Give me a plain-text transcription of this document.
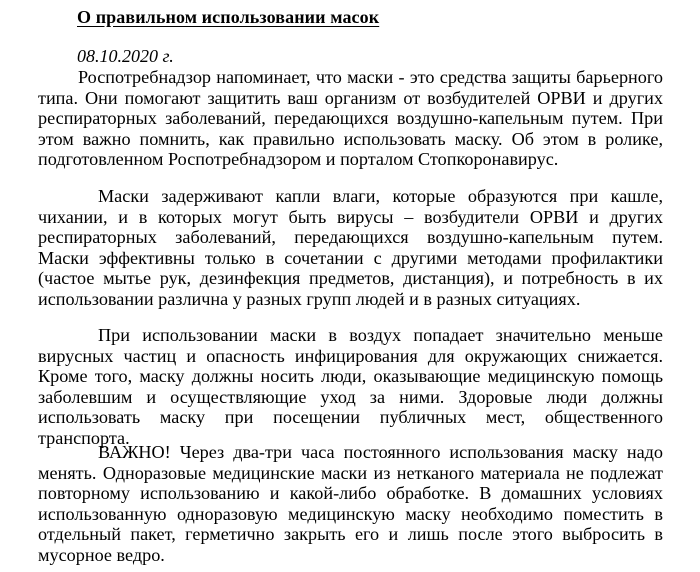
О правильном использовании масок
08.10.2020 г.
Роспотребнадзор напоминает, что маски - это средства защиты барьерного типа. Они помогают защитить ваш организм от возбудителей ОРВИ и других респираторных заболеваний, передающихся воздушно-капельным путем. При этом важно помнить, как правильно использовать маску. Об этом в ролике, подготовленном Роспотребнадзором и порталом Стопкоронавирус.
Маски задерживают капли влаги, которые образуются при кашле, чихании, и в которых могут быть вирусы – возбудители ОРВИ и других респираторных заболеваний, передающихся воздушно-капельным путем. Маски эффективны только в сочетании с другими методами профилактики (частое мытье рук, дезинфекция предметов, дистанция), и потребность в их использовании различна у разных групп людей и в разных ситуациях.
При использовании маски в воздух попадает значительно меньше вирусных частиц и опасность инфицирования для окружающих снижается. Кроме того, маску должны носить люди, оказывающие медицинскую помощь заболевшим и осуществляющие уход за ними. Здоровые люди должны использовать маску при посещении публичных мест, общественного транспорта.
ВАЖНО! Через два-три часа постоянного использования маску надо менять. Одноразовые медицинские маски из нетканого материала не подлежат повторному использованию и какой-либо обработке. В домашних условиях использованную одноразовую медицинскую маску необходимо поместить в отдельный пакет, герметично закрыть его и лишь после этого выбросить в мусорное ведро.
